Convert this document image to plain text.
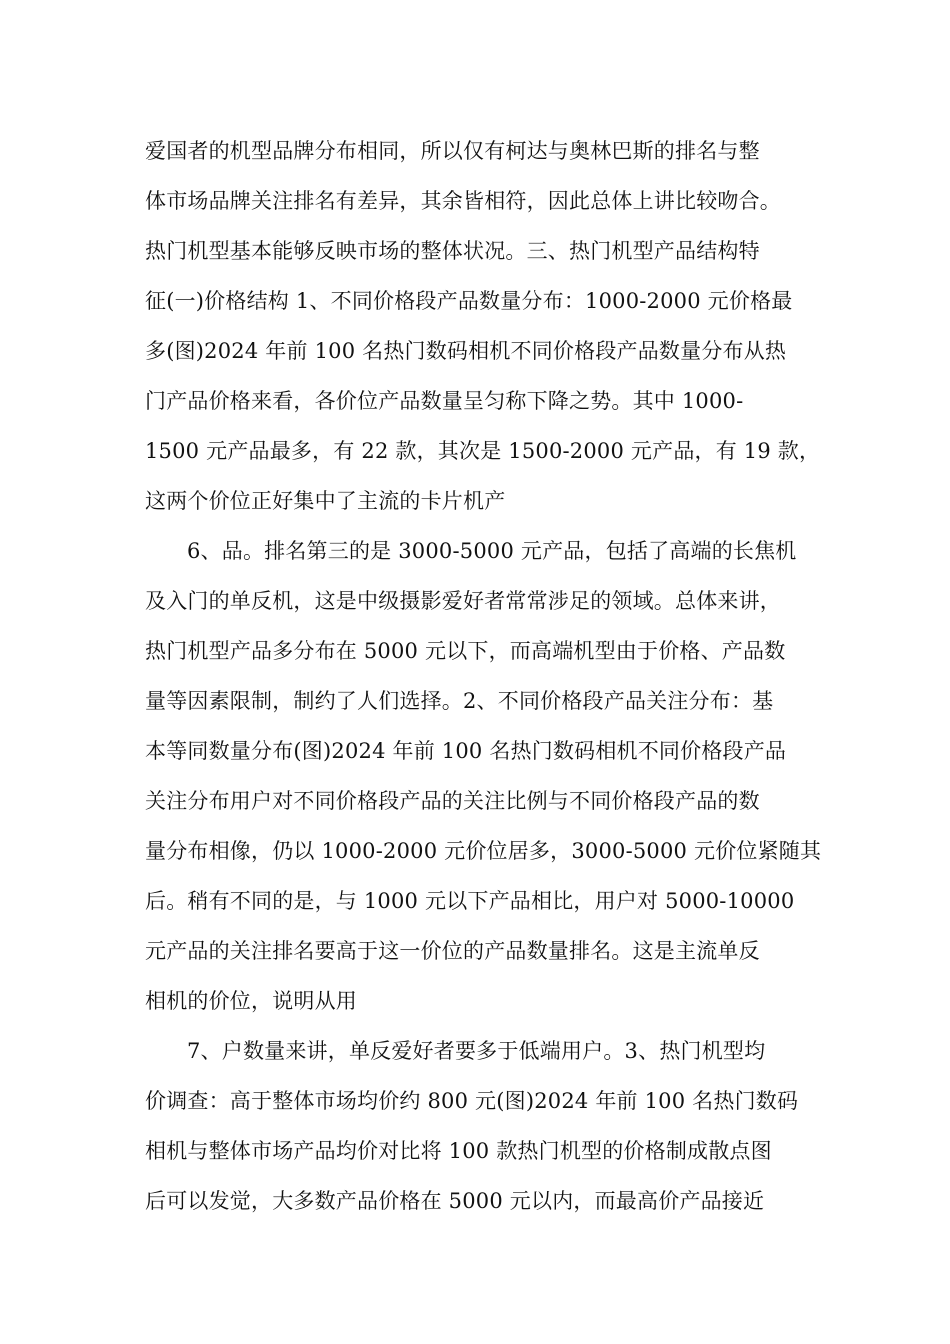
爱国者的机型品牌分布相同，所以仅有柯达与奥林巴斯的排名与整
体市场品牌关注排名有差异，其余皆相符，因此总体上讲比较吻合。
热门机型基本能够反映市场的整体状况。三、热门机型产品结构特
征(一)价格结构 1、不同价格段产品数量分布：1000-2000 元价格最
多(图)2024 年前 100 名热门数码相机不同价格段产品数量分布从热
门产品价格来看，各价位产品数量呈匀称下降之势。其中 1000-
1500 元产品最多，有 22 款，其次是 1500-2000 元产品，有 19 款，
这两个价位正好集中了主流的卡片机产
6、品。排名第三的是 3000-5000 元产品，包括了高端的长焦机
及入门的单反机，这是中级摄影爱好者常常涉足的领域。总体来讲，
热门机型产品多分布在 5000 元以下，而高端机型由于价格、产品数
量等因素限制，制约了人们选择。2、不同价格段产品关注分布：基
本等同数量分布(图)2024 年前 100 名热门数码相机不同价格段产品
关注分布用户对不同价格段产品的关注比例与不同价格段产品的数
量分布相像，仍以 1000-2000 元价位居多，3000-5000 元价位紧随其
后。稍有不同的是，与 1000 元以下产品相比，用户对 5000-10000
元产品的关注排名要高于这一价位的产品数量排名。这是主流单反
相机的价位，说明从用
7、户数量来讲，单反爱好者要多于低端用户。3、热门机型均
价调查：高于整体市场均价约 800 元(图)2024 年前 100 名热门数码
相机与整体市场产品均价对比将 100 款热门机型的价格制成散点图
后可以发觉，大多数产品价格在 5000 元以内，而最高价产品接近
